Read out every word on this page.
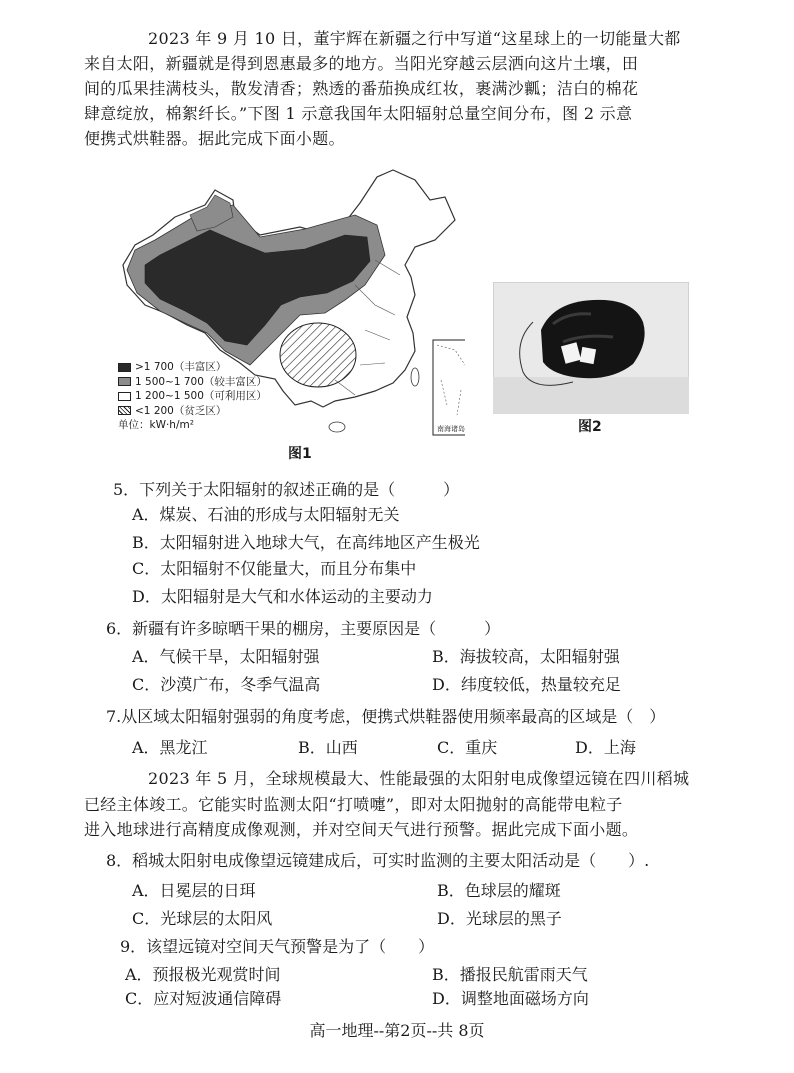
2023 年 9 月 10 日，董宇辉在新疆之行中写道“这星球上的一切能量大都
来自太阳，新疆就是得到恩惠最多的地方。当阳光穿越云层洒向这片土壤，田
间的瓜果挂满枝头，散发清香；熟透的番茄换成红妆，裹满沙瓤；洁白的棉花
肆意绽放，棉絮纤长。”下图 1 示意我国年太阳辐射总量空间分布，图 2 示意
便携式烘鞋器。据此完成下面小题。
南海诸岛
>1 700（丰富区）
1 500~1 700（较丰富区）
1 200~1 500（可利用区）
<1 200（贫乏区）
单位：kW·h/m²
图1
图2
5．下列关于太阳辐射的叙述正确的是（　　　）
A．煤炭、石油的形成与太阳辐射无关
B．太阳辐射进入地球大气，在高纬地区产生极光
C．太阳辐射不仅能量大，而且分布集中
D．太阳辐射是大气和水体运动的主要动力
6．新疆有许多晾晒干果的棚房，主要原因是（　　　）
A．气候干旱，太阳辐射强	B．海拔较高，太阳辐射强
C．沙漠广布，冬季气温高	D．纬度较低，热量较充足
7.从区域太阳辐射强弱的角度考虑，便携式烘鞋器使用频率最高的区域是（　）
A．黑龙江	B．山西	C．重庆	D．上海
2023 年 5 月，全球规模最大、性能最强的太阳射电成像望远镜在四川稻城
已经主体竣工。它能实时监测太阳“打喷嚏”，即对太阳抛射的高能带电粒子
进入地球进行高精度成像观测，并对空间天气进行预警。据此完成下面小题。
8．稻城太阳射电成像望远镜建成后，可实时监测的主要太阳活动是（　　）.
A．日冕层的日珥	B．色球层的耀斑
C．光球层的太阳风	D．光球层的黑子
9．该望远镜对空间天气预警是为了（　　）
A．预报极光观赏时间	B．播报民航雷雨天气
C．应对短波通信障碍	D．调整地面磁场方向
高一地理--第2页--共 8页
